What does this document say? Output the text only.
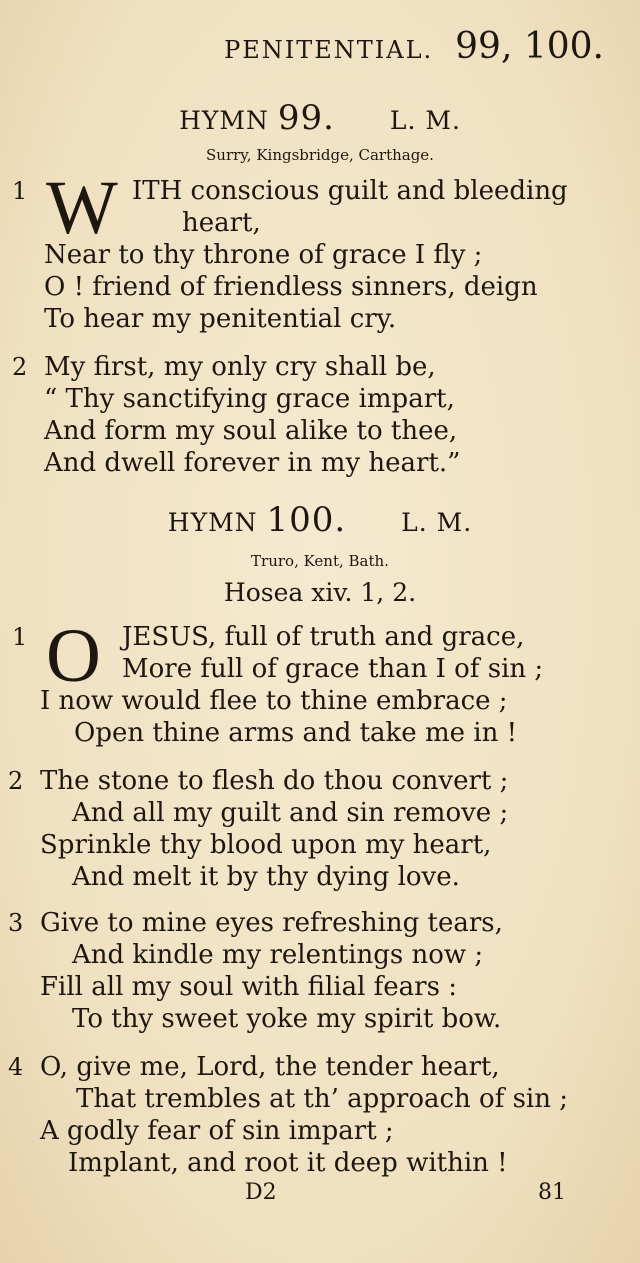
PENITENTIAL. 99, 100.
HYMN 99. L. M.
Surry, Kingsbridge, Carthage.
1 W ITH conscious guilt and bleeding
heart,
Near to thy throne of grace I fly ;
O ! friend of friendless sinners, deign
To hear my penitential cry.
2 My first, my only cry shall be,
“ Thy sanctifying grace impart,
And form my soul alike to thee,
And dwell forever in my heart.”
HYMN 100. L. M.
Truro, Kent, Bath.
Hosea xiv. 1, 2.
1 O JESUS, full of truth and grace,
More full of grace than I of sin ;
I now would flee to thine embrace ;
Open thine arms and take me in !
2 The stone to flesh do thou convert ;
And all my guilt and sin remove ;
Sprinkle thy blood upon my heart,
And melt it by thy dying love.
3 Give to mine eyes refreshing tears,
And kindle my relentings now ;
Fill all my soul with filial fears :
To thy sweet yoke my spirit bow.
4 O, give me, Lord, the tender heart,
That trembles at th’ approach of sin ;
A godly fear of sin impart ;
Implant, and root it deep within !
D2	81
